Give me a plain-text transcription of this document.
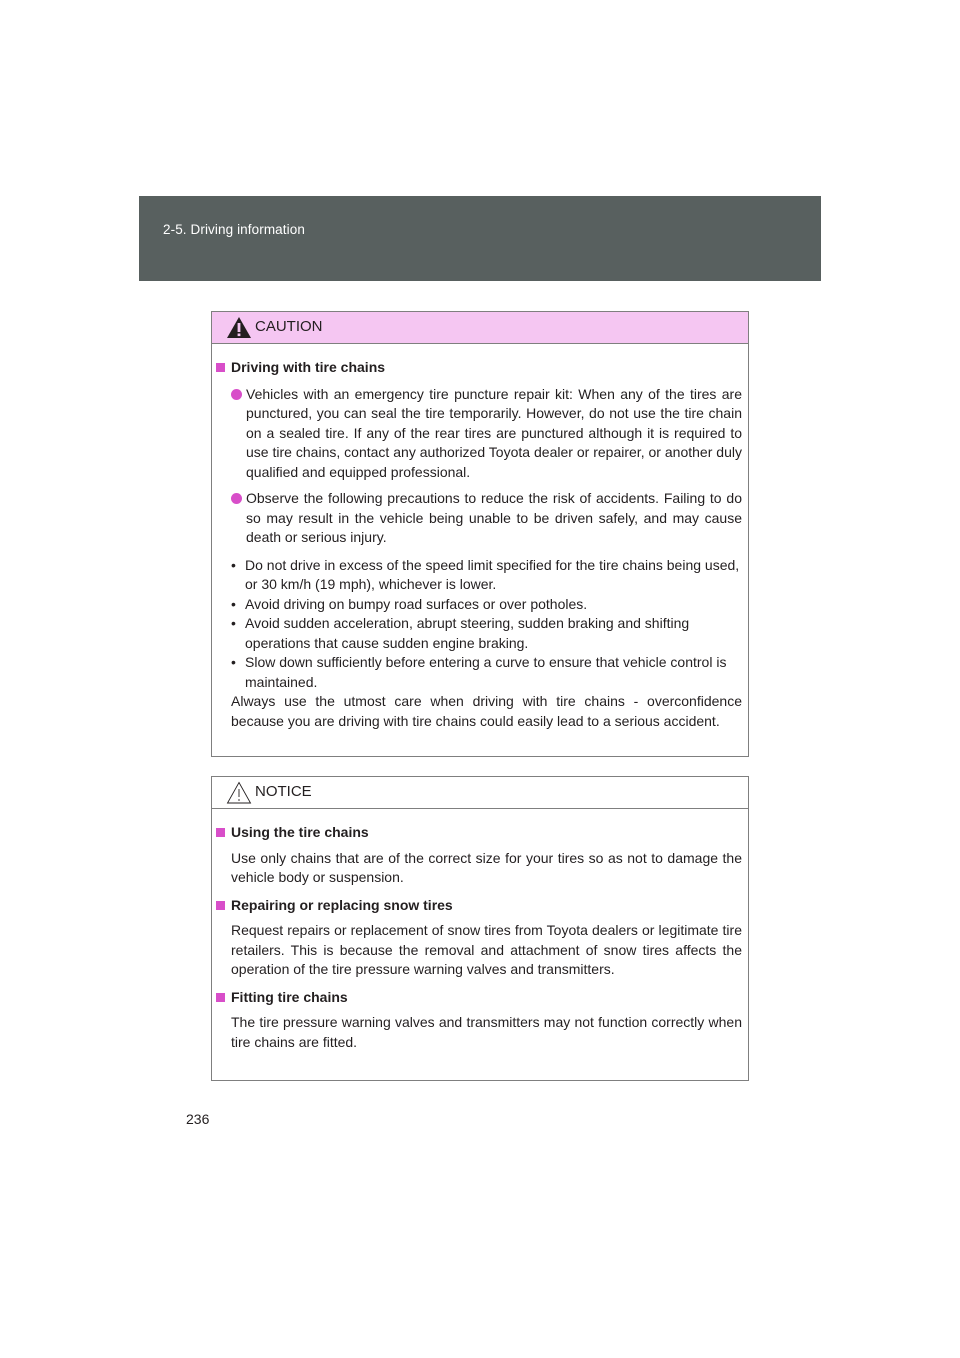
2-5. Driving information
CAUTION
Driving with tire chains
Vehicles with an emergency tire puncture repair kit: When any of the tires are punctured, you can seal the tire temporarily. However, do not use the tire chain on a sealed tire. If any of the rear tires are punctured although it is required to use tire chains, contact any authorized Toyota dealer or repairer, or another duly qualified and equipped professional.
Observe the following precautions to reduce the risk of accidents. Failing to do so may result in the vehicle being unable to be driven safely, and may cause death or serious injury.
• Do not drive in excess of the speed limit specified for the tire chains being used, or 30 km/h (19 mph), whichever is lower.
• Avoid driving on bumpy road surfaces or over potholes.
• Avoid sudden acceleration, abrupt steering, sudden braking and shifting operations that cause sudden engine braking.
• Slow down sufficiently before entering a curve to ensure that vehicle control is maintained.
Always use the utmost care when driving with tire chains - overconfidence because you are driving with tire chains could easily lead to a serious accident.
NOTICE
Using the tire chains
Use only chains that are of the correct size for your tires so as not to damage the vehicle body or suspension.
Repairing or replacing snow tires
Request repairs or replacement of snow tires from Toyota dealers or legitimate tire retailers. This is because the removal and attachment of snow tires affects the operation of the tire pressure warning valves and transmitters.
Fitting tire chains
The tire pressure warning valves and transmitters may not function correctly when tire chains are fitted.
236
